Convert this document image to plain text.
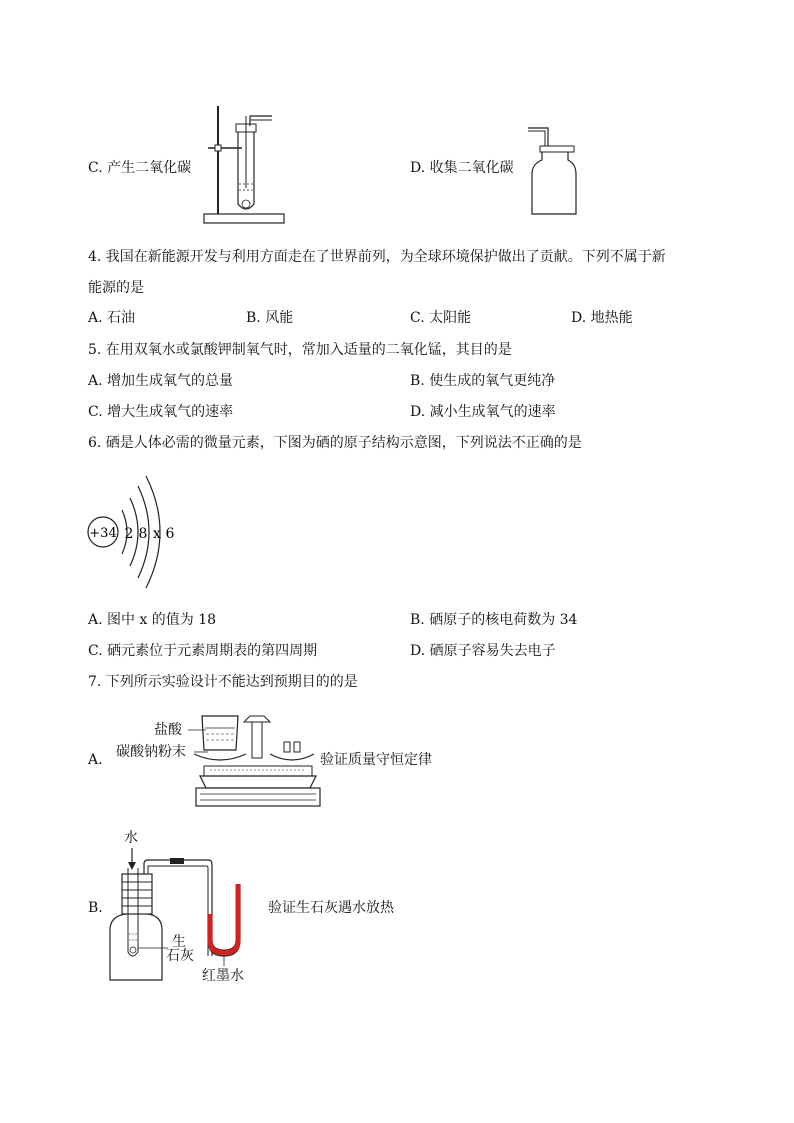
C. 产生二氧化碳	D. 收集二氧化碳
4. 我国在新能源开发与利用方面走在了世界前列，为全球环境保护做出了贡献。下列不属于新
能源的是
A. 石油	B. 风能	C. 太阳能	D. 地热能
5. 在用双氧水或氯酸钾制氧气时，常加入适量的二氧化锰，其目的是
A. 增加生成氧气的总量	B. 使生成的氧气更纯净
C. 增大生成氧气的速率	D. 减小生成氧气的速率
6. 硒是人体必需的微量元素，下图为硒的原子结构示意图，下列说法不正确的是
+34 2 8 x 6
A. 图中 x 的值为 18	B. 硒原子的核电荷数为 34
C. 硒元素位于元素周期表的第四周期	D. 硒原子容易失去电子
7. 下列所示实验设计不能达到预期目的的是
A.
盐酸
碳酸钠粉末	验证质量守恒定律
B.
水
生
石灰
红墨水
验证生石灰遇水放热
